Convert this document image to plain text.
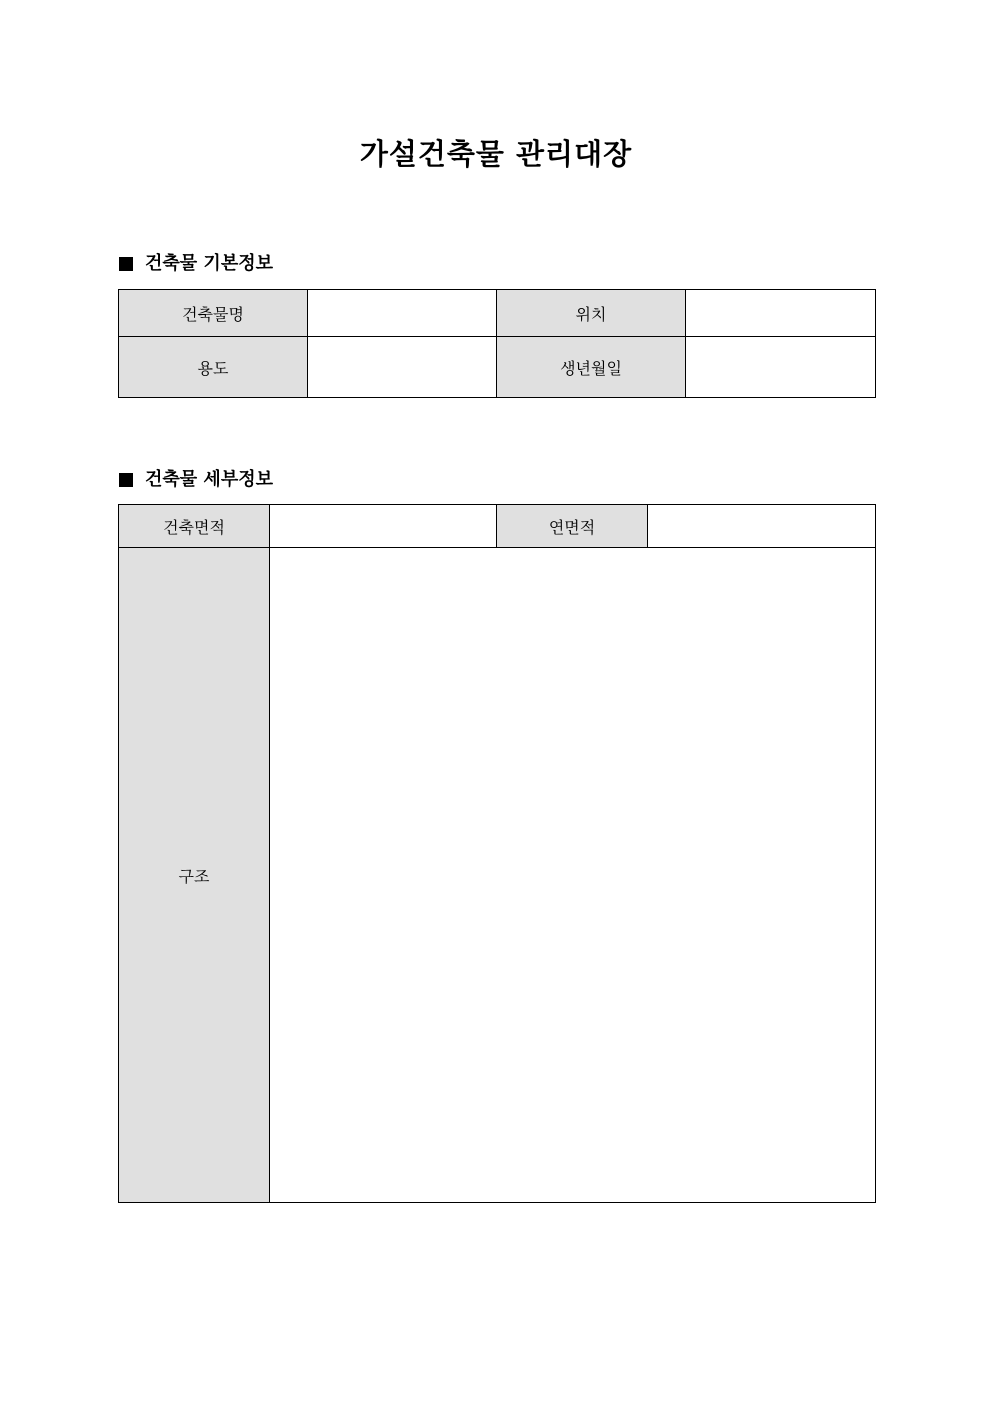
가설건축물 관리대장
건축물 기본정보
건축물명		위치	
용도		생년월일	
건축물 세부정보
건축면적		연면적	
구조			
